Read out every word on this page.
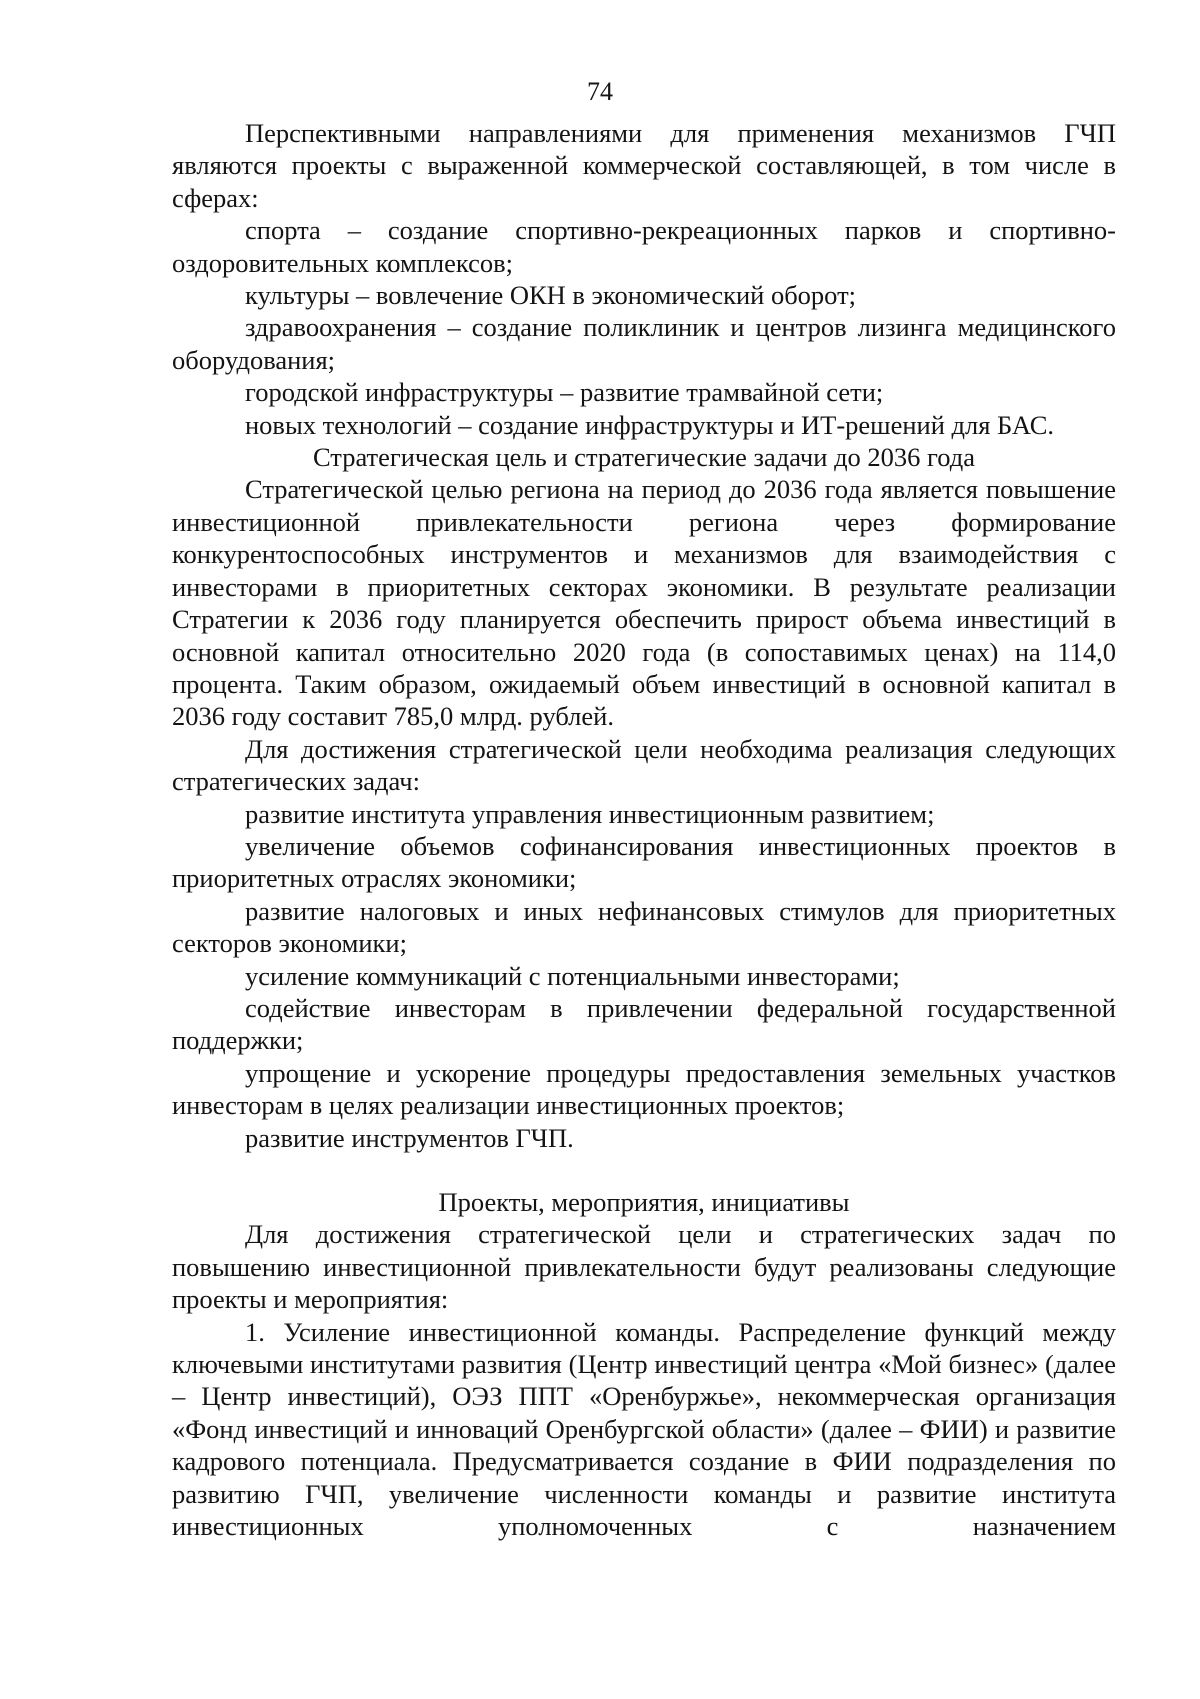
74

Перспективными направлениями для применения механизмов ГЧП являются проекты с выраженной коммерческой составляющей, в том числе в сферах:

спорта – создание спортивно-рекреационных парков и спортивно-оздоровительных комплексов;

культуры – вовлечение ОКН в экономический оборот;

здравоохранения – создание поликлиник и центров лизинга медицинского оборудования;

городской инфраструктуры – развитие трамвайной сети;

новых технологий – создание инфраструктуры и ИТ-решений для БАС.

Стратегическая цель и стратегические задачи до 2036 года

Стратегической целью региона на период до 2036 года является повышение инвестиционной привлекательности региона через формирование конкурентоспособных инструментов и механизмов для взаимодействия с инвесторами в приоритетных секторах экономики. В результате реализации Стратегии к 2036 году планируется обеспечить прирост объема инвестиций в основной капитал относительно 2020 года (в сопоставимых ценах) на 114,0 процента. Таким образом, ожидаемый объем инвестиций в основной капитал в 2036 году составит 785,0 млрд. рублей.

Для достижения стратегической цели необходима реализация следующих стратегических задач:

развитие института управления инвестиционным развитием;

увеличение объемов софинансирования инвестиционных проектов в приоритетных отраслях экономики;

развитие налоговых и иных нефинансовых стимулов для приоритетных секторов экономики;

усиление коммуникаций с потенциальными инвесторами;

содействие инвесторам в привлечении федеральной государственной поддержки;

упрощение и ускорение процедуры предоставления земельных участков инвесторам в целях реализации инвестиционных проектов;

развитие инструментов ГЧП.

Проекты, мероприятия, инициативы

Для достижения стратегической цели и стратегических задач по повышению инвестиционной привлекательности будут реализованы следующие проекты и мероприятия:

1. Усиление инвестиционной команды. Распределение функций между ключевыми институтами развития (Центр инвестиций центра «Мой бизнес» (далее – Центр инвестиций), ОЭЗ ППТ «Оренбуржье», некоммерческая организация «Фонд инвестиций и инноваций Оренбургской области» (далее – ФИИ) и развитие кадрового потенциала. Предусматривается создание в ФИИ подразделения по развитию ГЧП, увеличение численности команды и развитие института инвестиционных уполномоченных с назначением
